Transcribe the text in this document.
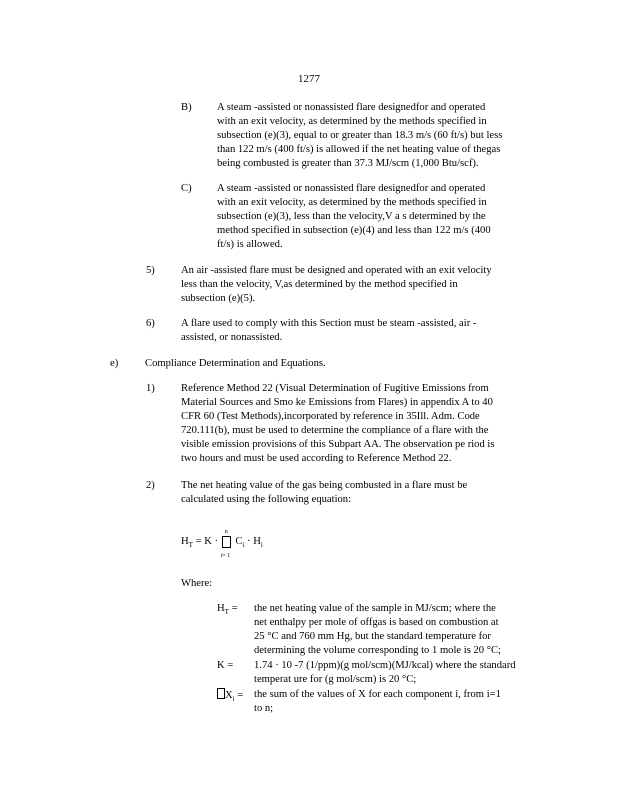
1277
B) A steam -assisted or nonassisted flare designedfor and operated
with an exit velocity, as determined by the methods specified in
subsection (e)(3), equal to or greater than 18.3 m/s (60 ft/s) but less
than 122 m/s (400 ft/s) is allowed if the net heating value of thegas
being combusted is greater than 37.3 MJ/scm (1,000 Btu/scf).
C) A steam -assisted or nonassisted flare designedfor and operated
with an exit velocity, as determined by the methods specified in
subsection (e)(3), less than the velocity,V a s determined by the
method specified in subsection (e)(4) and less than 122 m/s (400
ft/s) is allowed.
5) An air -assisted flare must be designed and operated with an exit velocity
less than the velocity, V,as determined by the method specified in
subsection (e)(5).
6) A flare used to comply with this Section must be steam -assisted, air -
assisted, or nonassisted.
e)	Compliance Determination and Equations.
1) Reference Method 22 (Visual Determination of Fugitive Emissions from
Material Sources and Smo ke Emissions from Flares) in appendix A to 40
CFR 60 (Test Methods),incorporated by reference in 35Ill. Adm. Code
720.111(b), must be used to determine the compliance of a flare with the
visible emission provisions of this Subpart AA. The observation pe riod is
two hours and must be used according to Reference Method 22.
2) The net heating value of the gas being combusted in a flare must be
calculated using the following equation:
$H_T = K$ ·
n
i= 1
$C_i \cdot H_i$
Where:
$H_T$ = the net heating value of the sample in MJ/scm; where the
net enthalpy per mole of offgas is based on combustion at
25 °C and 760 mm Hg, but the standard temperature for
determining the volume corresponding to 1 mole is 20 °C;
K = 1.74 · 10 -7 (1/ppm)(g mol/scm)(MJ/kcal) where the standard
temperat ure for (g mol/scm) is 20 °C;
$X_i$ = the sum of the values of X for each component i, from i=1
to n;
